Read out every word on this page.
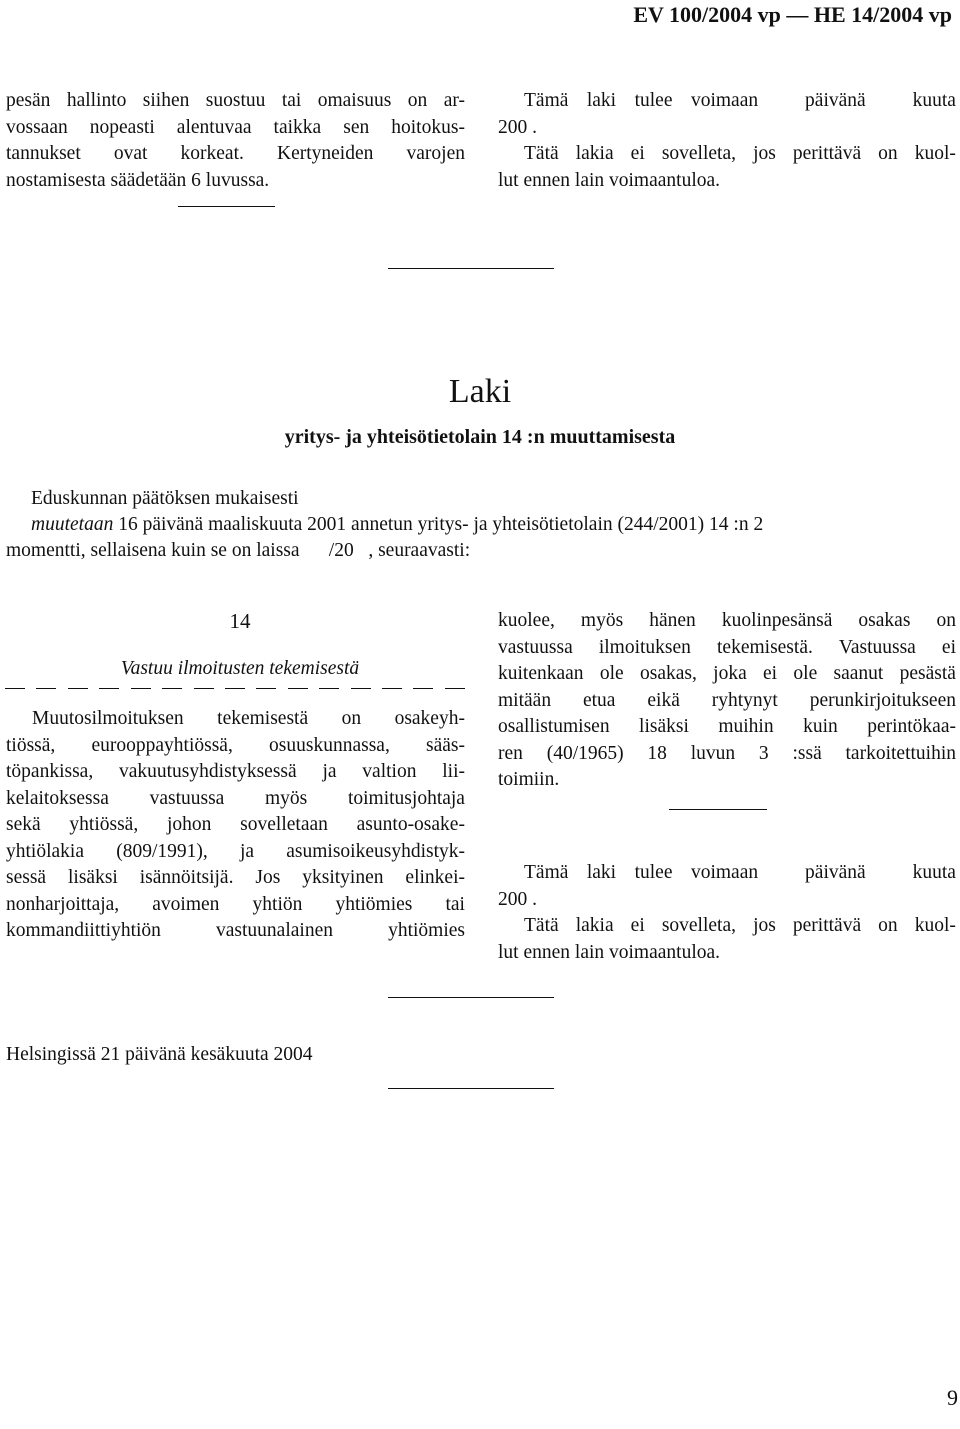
EV 100/2004 vp — HE 14/2004 vp
pesän hallinto siihen suostuu tai omaisuus on ar-
vossaan nopeasti alentuvaa taikka sen hoitokus-
tannukset ovat korkeat. Kertyneiden varojen
nostamisesta säädetään 6 luvussa.
Tämä laki tulee voimaan päivänä kuuta
200 .
Tätä lakia ei sovelleta, jos perittävä on kuol-
lut ennen lain voimaantuloa.
Laki
yritys- ja yhteisötietolain 14 :n muuttamisesta
Eduskunnan päätöksen mukaisesti
muutetaan 16 päivänä maaliskuuta 2001 annetun yritys- ja yhteisötietolain (244/2001) 14 :n 2
momentti, sellaisena kuin se on laissa      /20   , seuraavasti:
14
Vastuu ilmoitusten tekemisestä
Muutosilmoituksen tekemisestä on osakeyh-
tiössä, eurooppayhtiössä, osuuskunnassa, sääs-
töpankissa, vakuutusyhdistyksessä ja valtion lii-
kelaitoksessa vastuussa myös toimitusjohtaja
sekä yhtiössä, johon sovelletaan asunto-osake-
yhtiölakia (809/1991), ja asumisoikeusyhdistyk-
sessä lisäksi isännöitsijä. Jos yksityinen elinkei-
nonharjoittaja, avoimen yhtiön yhtiömies tai
kommandiittiyhtiön	vastuunalainen	yhtiömies
kuolee, myös hänen kuolinpesänsä osakas on
vastuussa ilmoituksen tekemisestä. Vastuussa ei
kuitenkaan ole osakas, joka ei ole saanut pesästä
mitään etua eikä ryhtynyt perunkirjoitukseen
osallistumisen lisäksi muihin kuin perintökaa-
ren (40/1965) 18 luvun 3 :ssä tarkoitettuihin
toimiin.
Tämä laki tulee voimaan päivänä kuuta
200 .
Tätä lakia ei sovelleta, jos perittävä on kuol-
lut ennen lain voimaantuloa.
Helsingissä 21 päivänä kesäkuuta 2004
9
